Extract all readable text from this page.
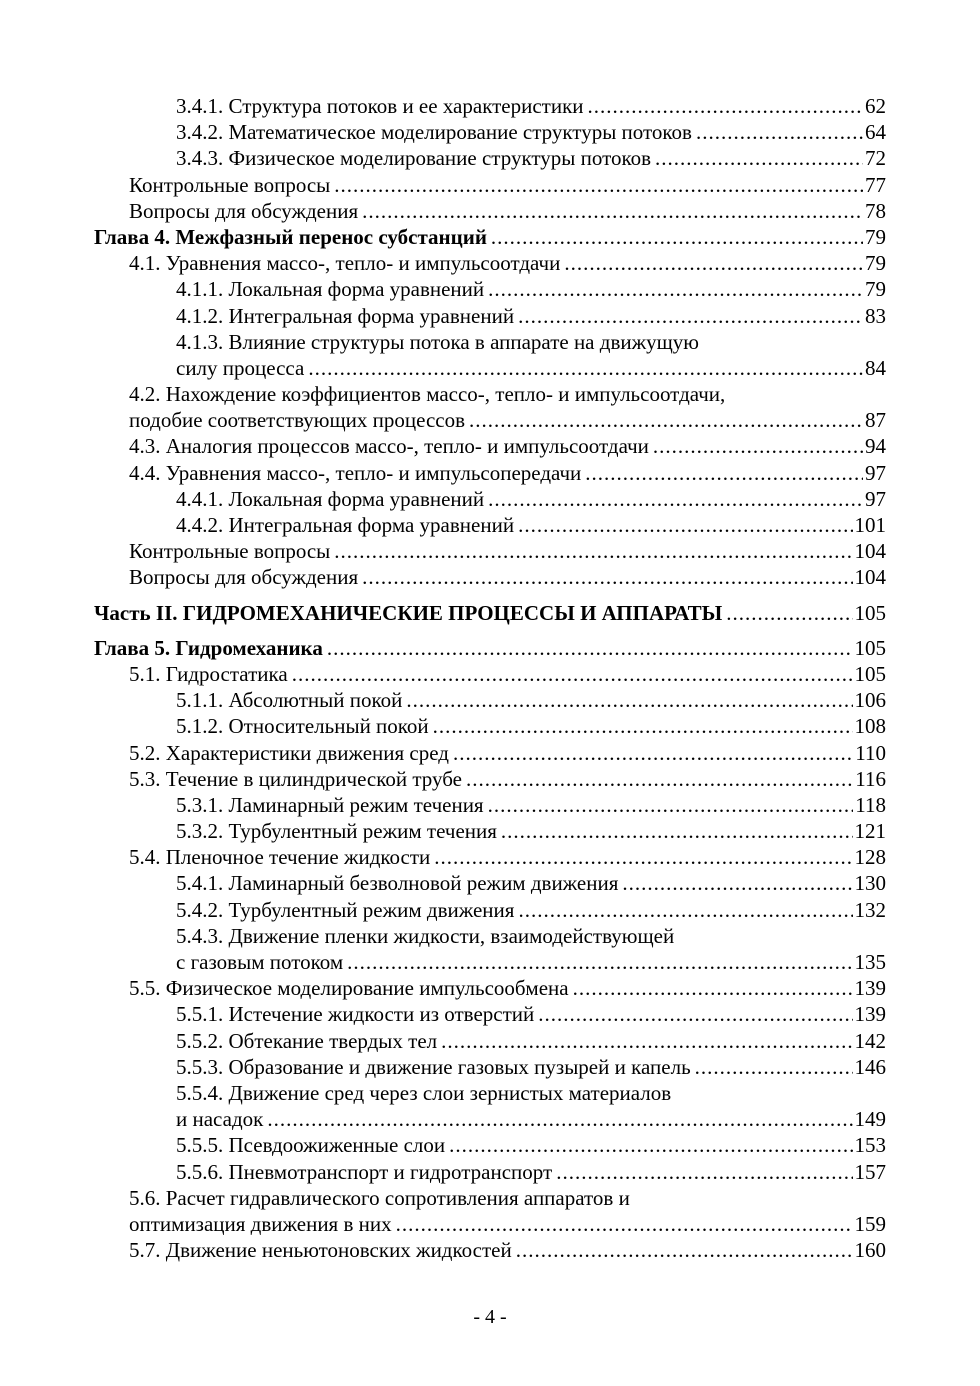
3.4.1. Структура потоков и ее характеристики .....	62
3.4.2. Математическое моделирование структуры потоков .....	64
3.4.3. Физическое моделирование структуры потоков .....	72
Контрольные вопросы .....	77
Вопросы для обсуждения .....	78
Глава 4. Межфазный перенос субстанций .....	79
4.1. Уравнения массо-, тепло- и импульсоотдачи .....	79
4.1.1. Локальная форма уравнений .....	79
4.1.2. Интегральная форма уравнений .....	83
4.1.3. Влияние структуры потока в аппарате на движущую
силу процесса .....	84
4.2. Нахождение коэффициентов массо-, тепло- и импульсоотдачи,
подобие соответствующих процессов .....	87
4.3. Аналогия процессов массо-, тепло- и импульсоотдачи .....	94
4.4. Уравнения массо-, тепло- и импульсопередачи .....	97
4.4.1. Локальная форма уравнений .....	97
4.4.2. Интегральная форма уравнений .....	101
Контрольные вопросы .....	104
Вопросы для обсуждения .....	104
Часть II. ГИДРОМЕХАНИЧЕСКИЕ ПРОЦЕССЫ И АППАРАТЫ .....	105
Глава 5. Гидромеханика .....	105
5.1. Гидростатика .....	105
5.1.1. Абсолютный покой .....	106
5.1.2. Относительный покой .....	108
5.2. Характеристики движения сред .....	110
5.3. Течение в цилиндрической трубе .....	116
5.3.1. Ламинарный режим течения .....	118
5.3.2. Турбулентный режим течения .....	121
5.4. Пленочное течение жидкости .....	128
5.4.1. Ламинарный безволновой режим движения .....	130
5.4.2. Турбулентный режим движения .....	132
5.4.3. Движение пленки жидкости, взаимодействующей
с газовым потоком .....	135
5.5. Физическое моделирование импульсообмена .....	139
5.5.1. Истечение жидкости из отверстий .....	139
5.5.2. Обтекание твердых тел .....	142
5.5.3. Образование и движение газовых пузырей и капель .....	146
5.5.4. Движение сред через слои зернистых материалов
и насадок .....	149
5.5.5. Псевдоожиженные слои .....	153
5.5.6. Пневмотранспорт и гидротранспорт .....	157
5.6. Расчет гидравлического сопротивления аппаратов и
оптимизация движения в них .....	159
5.7. Движение неньютоновских жидкостей .....	160
- 4 -
